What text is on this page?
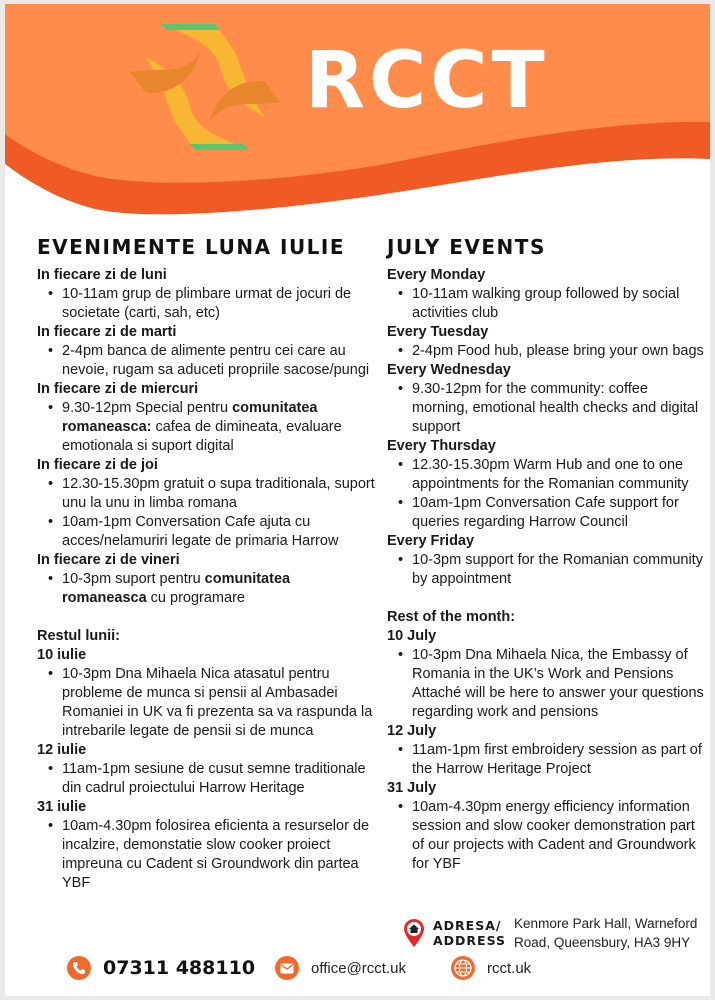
RCCT
EVENIMENTE LUNA IULIE
In fiecare zi de luni
• 10-11am grup de plimbare urmat de jocuri de societate (carti, sah, etc)
In fiecare zi de marti
• 2-4pm banca de alimente pentru cei care au nevoie, rugam sa aduceti propriile sacose/pungi
In fiecare zi de miercuri
• 9.30-12pm Special pentru comunitatea romaneasca: cafea de dimineata, evaluare emotionala si suport digital
In fiecare zi de joi
• 12.30-15.30pm gratuit o supa traditionala, suport unu la unu in limba romana
• 10am-1pm Conversation Cafe ajuta cu acces/nelamuriri legate de primaria Harrow
In fiecare zi de vineri
• 10-3pm suport pentru comunitatea romaneasca cu programare
Restul lunii:
10 iulie
• 10-3pm Dna Mihaela Nica atasatul pentru probleme de munca si pensii al Ambasadei Romaniei in UK va fi prezenta sa va raspunda la intrebarile legate de pensii si de munca
12 iulie
• 11am-1pm sesiune de cusut semne traditionale din cadrul proiectului Harrow Heritage
31 iulie
• 10am-4.30pm folosirea eficienta a resurselor de incalzire, demonstatie slow cooker proiect impreuna cu Cadent si Groundwork din partea YBF
JULY EVENTS
Every Monday
• 10-11am walking group followed by social activities club
Every Tuesday
• 2-4pm Food hub, please bring your own bags
Every Wednesday
• 9.30-12pm for the community: coffee morning, emotional health checks and digital support
Every Thursday
• 12.30-15.30pm Warm Hub and one to one appointments for the Romanian community
• 10am-1pm Conversation Cafe support for queries regarding Harrow Council
Every Friday
• 10-3pm support for the Romanian community by appointment
Rest of the month:
10 July
• 10-3pm Dna Mihaela Nica, the Embassy of Romania in the UK’s Work and Pensions Attaché will be here to answer your questions regarding work and pensions
12 July
• 11am-1pm first embroidery session as part of the Harrow Heritage Project
31 July
• 10am-4.30pm energy efficiency information session and slow cooker demonstration part of our projects with Cadent and Groundwork for YBF
ADRESA/
ADDRESS
Kenmore Park Hall, Warneford
Road, Queensbury, HA3 9HY
07311 488110	office@rcct.uk	rcct.uk
